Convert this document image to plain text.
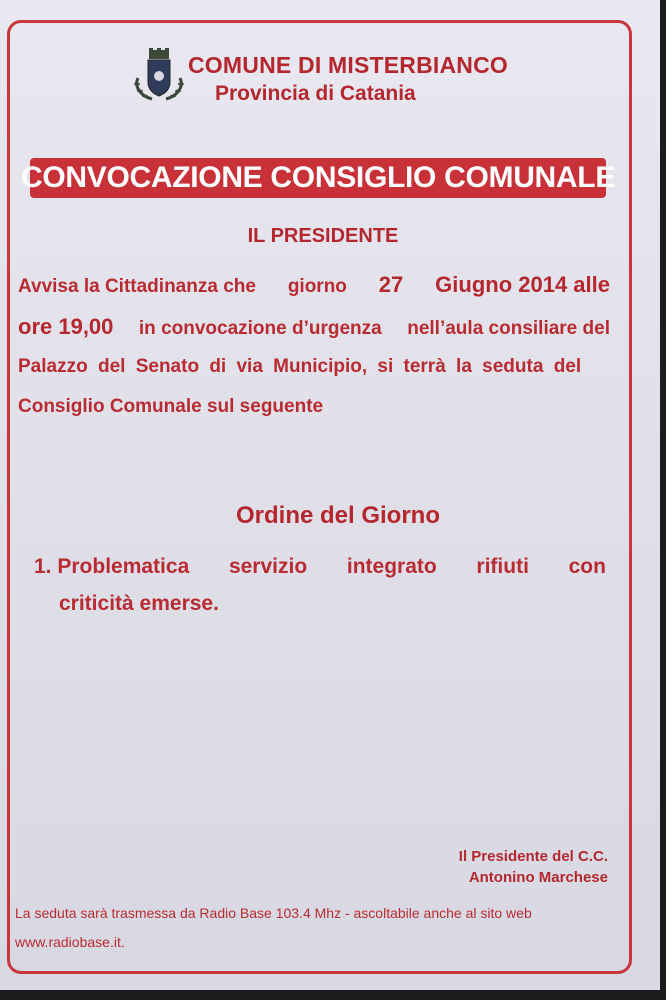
COMUNE DI MISTERBIANCO
Provincia di Catania
CONVOCAZIONE CONSIGLIO COMUNALE
IL PRESIDENTE
Avvisa la Cittadinanza che giorno 27 Giugno 2014 alle
ore 19,00 in convocazione d’urgenza nell’aula consiliare del
Palazzo del Senato di via Municipio, si terrà la seduta del
Consiglio Comunale sul seguente
Ordine del Giorno
1. Problematica servizio integrato rifiuti con
criticità emerse.
Il Presidente del C.C.
Antonino Marchese
La seduta sarà trasmessa da Radio Base 103.4 Mhz - ascoltabile anche al sito web
www.radiobase.it.
